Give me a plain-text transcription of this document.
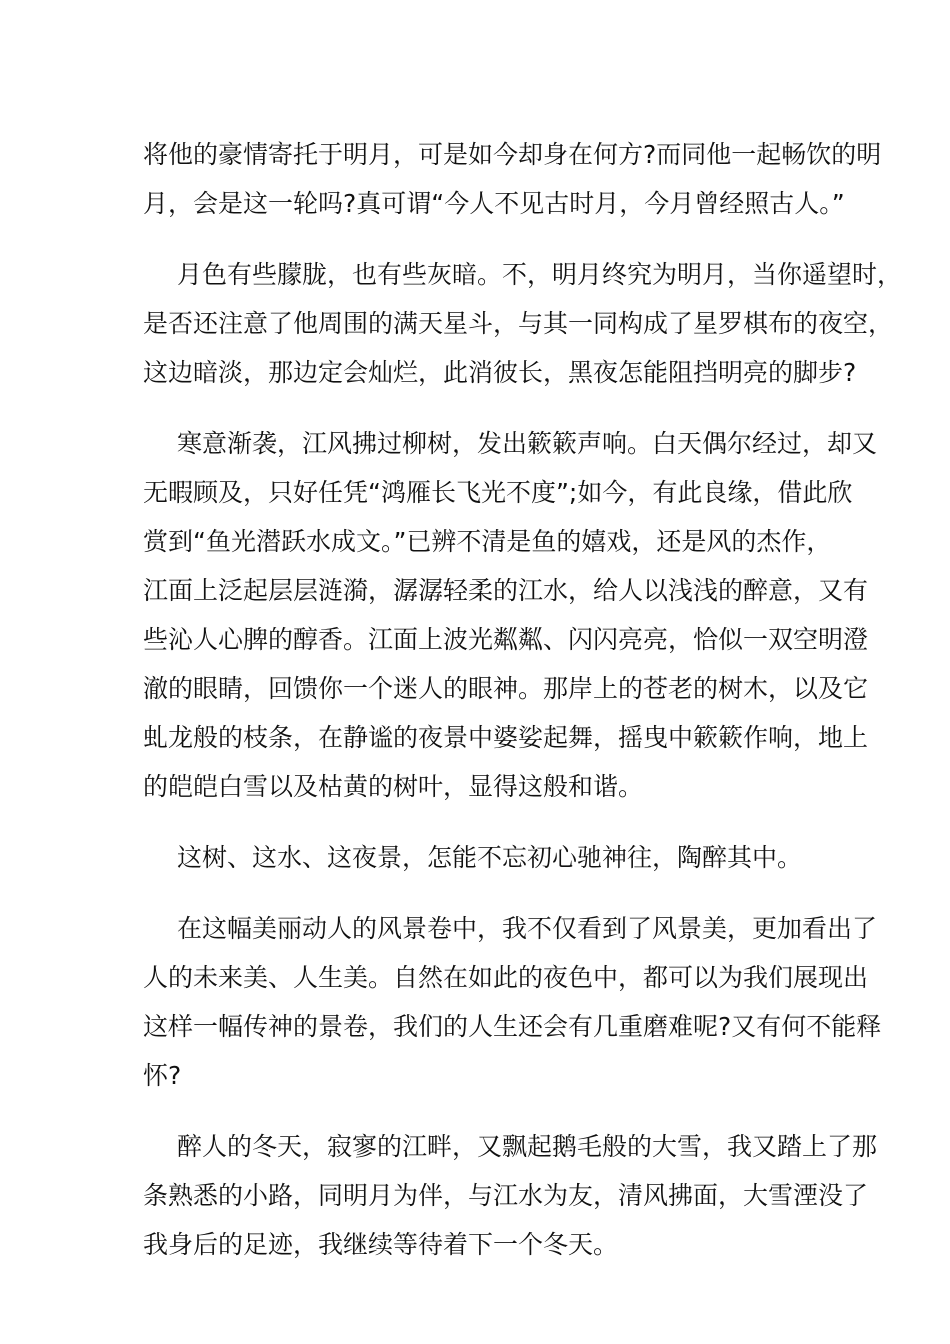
将他的豪情寄托于明月，可是如今却身在何方?而同他一起畅饮的明
月，会是这一轮吗?真可谓“今人不见古时月，今月曾经照古人。”
月色有些朦胧，也有些灰暗。不，明月终究为明月，当你遥望时，
是否还注意了他周围的满天星斗，与其一同构成了星罗棋布的夜空，
这边暗淡，那边定会灿烂，此消彼长，黑夜怎能阻挡明亮的脚步?
寒意渐袭，江风拂过柳树，发出簌簌声响。白天偶尔经过，却又
无暇顾及，只好任凭“鸿雁长飞光不度”;如今，有此良缘，借此欣
赏到“鱼光潜跃水成文。”已辨不清是鱼的嬉戏，还是风的杰作，
江面上泛起层层涟漪，潺潺轻柔的江水，给人以浅浅的醉意，又有
些沁人心脾的醇香。江面上波光粼粼、闪闪亮亮，恰似一双空明澄
澈的眼睛，回馈你一个迷人的眼神。那岸上的苍老的树木，以及它
虬龙般的枝条，在静谧的夜景中婆娑起舞，摇曳中簌簌作响，地上
的皑皑白雪以及枯黄的树叶，显得这般和谐。
这树、这水、这夜景，怎能不忘初心驰神往，陶醉其中。
在这幅美丽动人的风景卷中，我不仅看到了风景美，更加看出了
人的未来美、人生美。自然在如此的夜色中，都可以为我们展现出
这样一幅传神的景卷，我们的人生还会有几重磨难呢?又有何不能释
怀?
醉人的冬天，寂寥的江畔，又飘起鹅毛般的大雪，我又踏上了那
条熟悉的小路，同明月为伴，与江水为友，清风拂面，大雪湮没了
我身后的足迹，我继续等待着下一个冬天。
